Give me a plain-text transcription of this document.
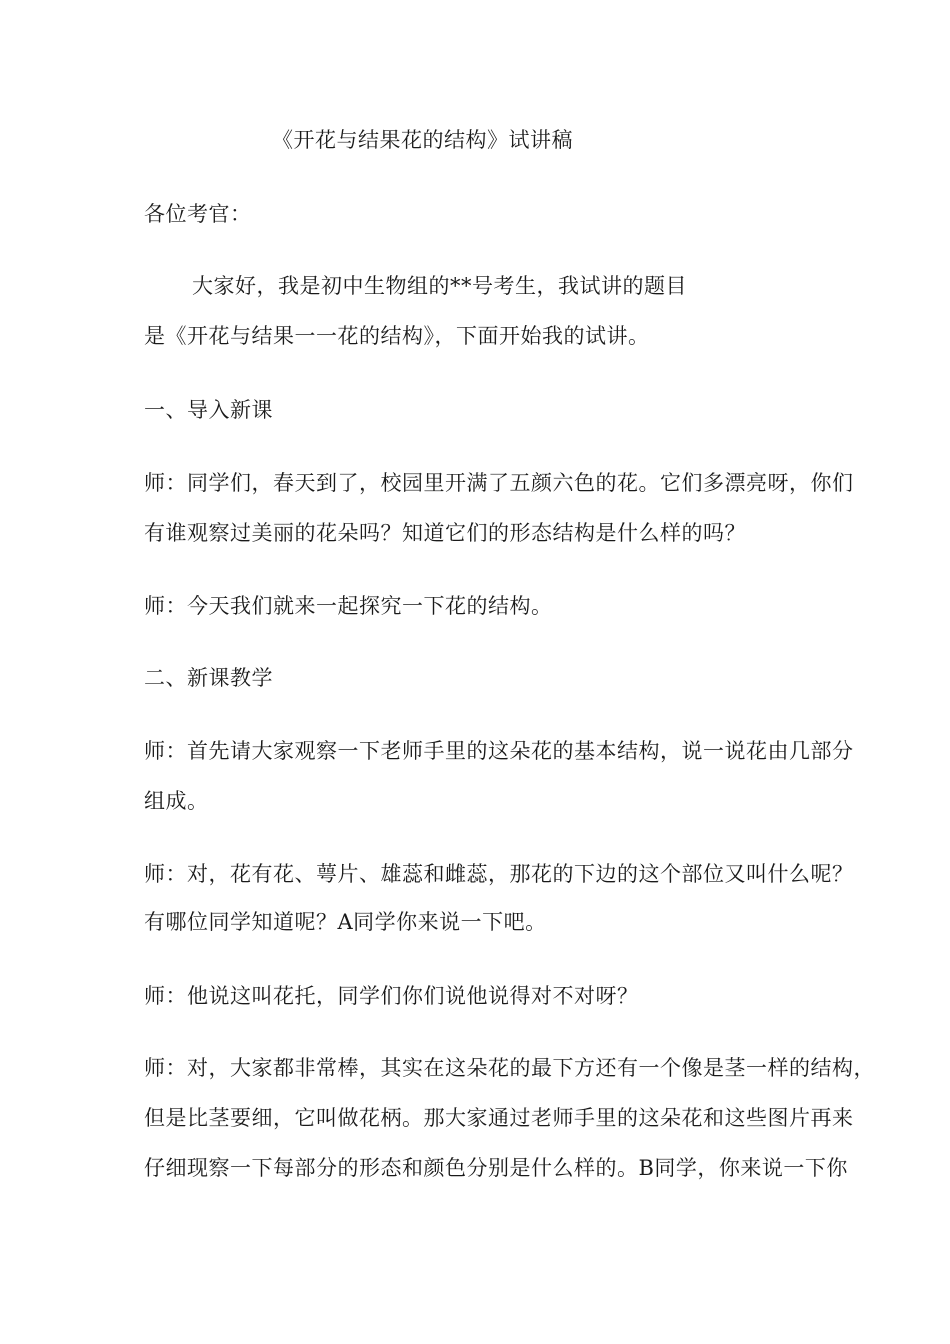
《开花与结果花的结构》试讲稿
各位考官：
大家好，我是初中生物组的**号考生，我试讲的题目
是《开花与结果一一花的结构》，下面开始我的试讲。
一、导入新课
师：同学们，春天到了，校园里开满了五颜六色的花。它们多漂亮呀，你们
有谁观察过美丽的花朵吗？知道它们的形态结构是什么样的吗？
师：今天我们就来一起探究一下花的结构。
二、新课教学
师：首先请大家观察一下老师手里的这朵花的基本结构，说一说花由几部分
组成。
师：对，花有花、萼片、雄蕊和雌蕊，那花的下边的这个部位又叫什么呢？
有哪位同学知道呢？A同学你来说一下吧。
师：他说这叫花托，同学们你们说他说得对不对呀？
师：对，大家都非常棒，其实在这朵花的最下方还有一个像是茎一样的结构，
但是比茎要细，它叫做花柄。那大家通过老师手里的这朵花和这些图片再来
仔细现察一下每部分的形态和颜色分别是什么样的。B同学，你来说一下你
